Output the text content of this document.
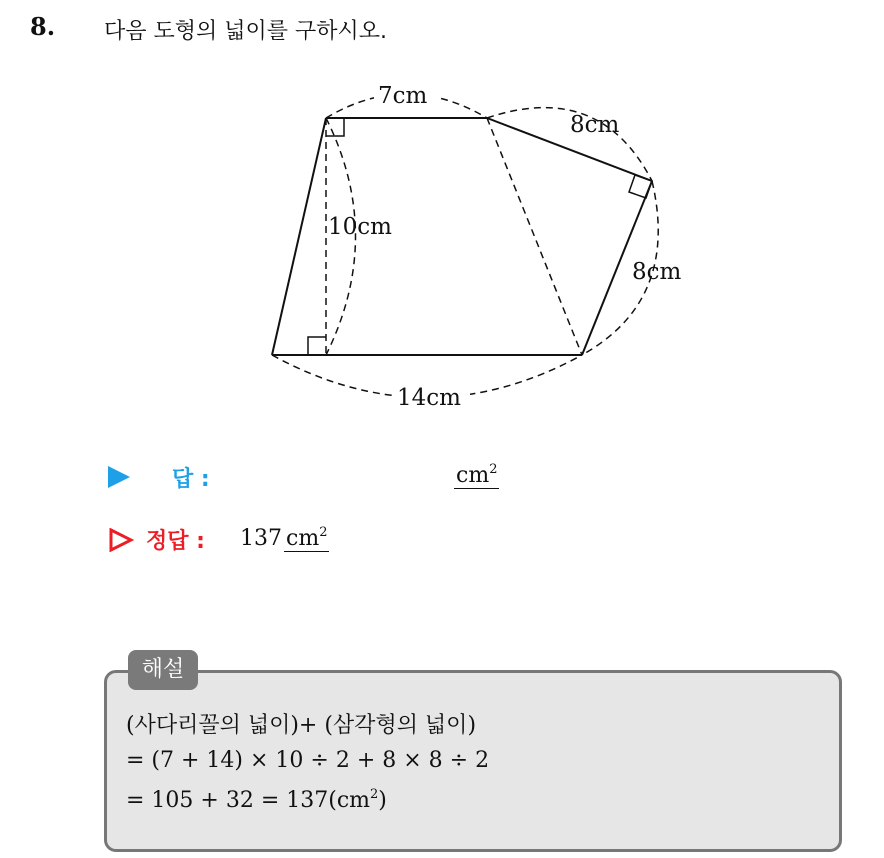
8. 다음 도형의 넓이를 구하시오.
7cm
10cm
14cm
8cm
8cm
답 :	$cm^2$
정답 : 137 $cm^2$
해설
(사다리꼴의 넓이)+ (삼각형의 넓이)
= (7 + 14) × 10 ÷ 2 + 8 × 8 ÷ 2
= $105 + 32 = 137(cm^2)$
